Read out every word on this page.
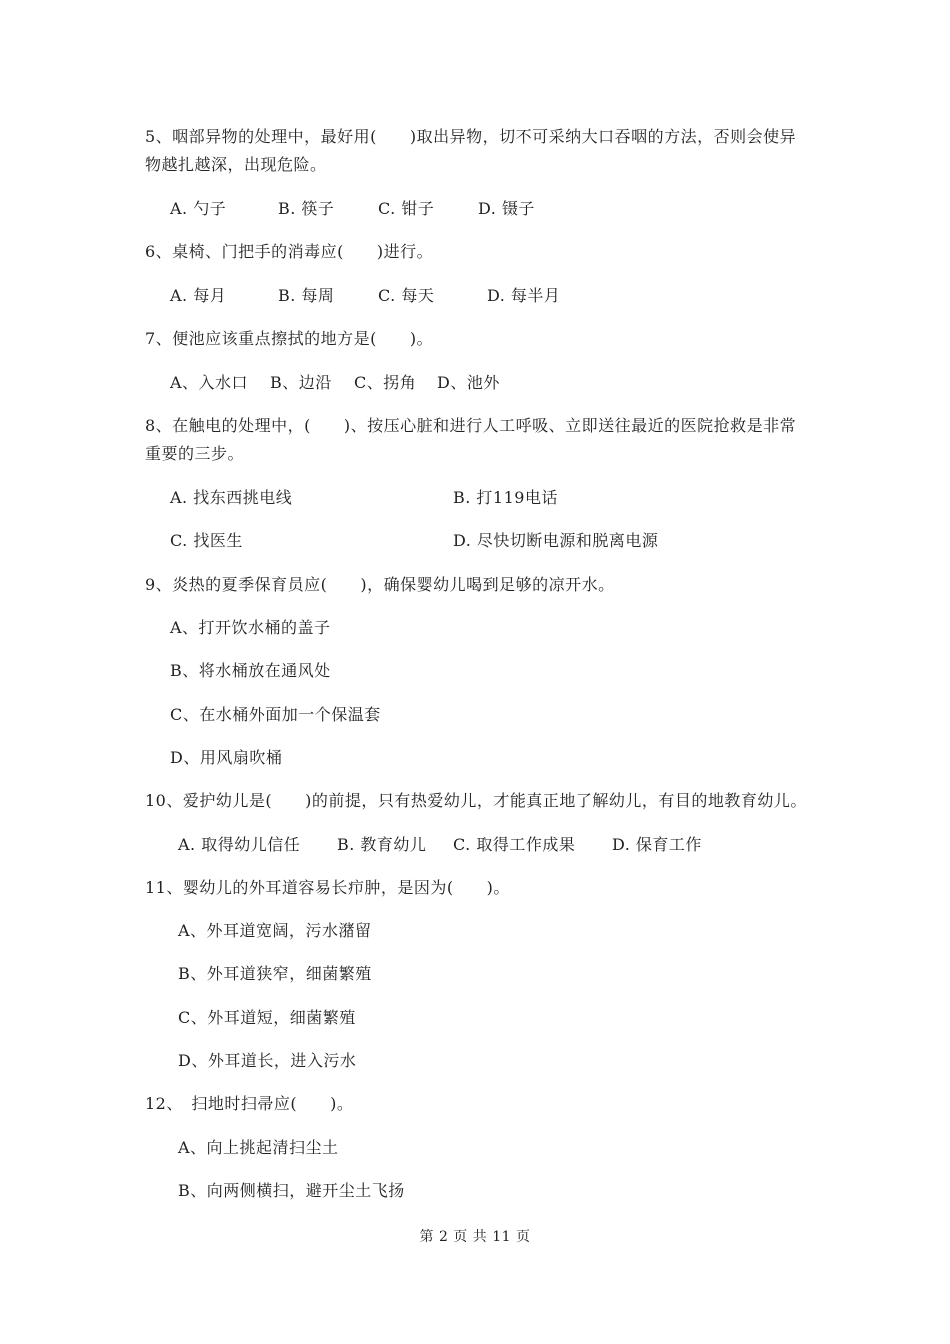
5、咽部异物的处理中，最好用(　　)取出异物，切不可采纳大口吞咽的方法，否则会使异
物越扎越深，出现危险。
A. 勺子	B. 筷子	C. 钳子	D. 镊子
6、桌椅、门把手的消毒应(　　)进行。
A. 每月	B. 每周	C. 每天	D. 每半月
7、便池应该重点擦拭的地方是(　　)。
A、入水口 B、边沿 C、拐角 D、池外
8、在触电的处理中，(　　)、按压心脏和进行人工呼吸、立即送往最近的医院抢救是非常
重要的三步。
A. 找东西挑电线	B. 打119电话
C. 找医生	D. 尽快切断电源和脱离电源
9、炎热的夏季保育员应(　　)，确保婴幼儿喝到足够的凉开水。
A、打开饮水桶的盖子
B、将水桶放在通风处
C、在水桶外面加一个保温套
D、用风扇吹桶
10、爱护幼儿是(　　)的前提，只有热爱幼儿，才能真正地了解幼儿，有目的地教育幼儿。
A. 取得幼儿信任 B. 教育幼儿 C. 取得工作成果 D. 保育工作
11、婴幼儿的外耳道容易长疖肿，是因为(　　)。
A、外耳道宽阔，污水潴留
B、外耳道狭窄，细菌繁殖
C、外耳道短，细菌繁殖
D、外耳道长，进入污水
12、　扫地时扫帚应(　　)。
A、向上挑起清扫尘土
B、向两侧横扫，避开尘土飞扬
第 2 页 共 11 页
